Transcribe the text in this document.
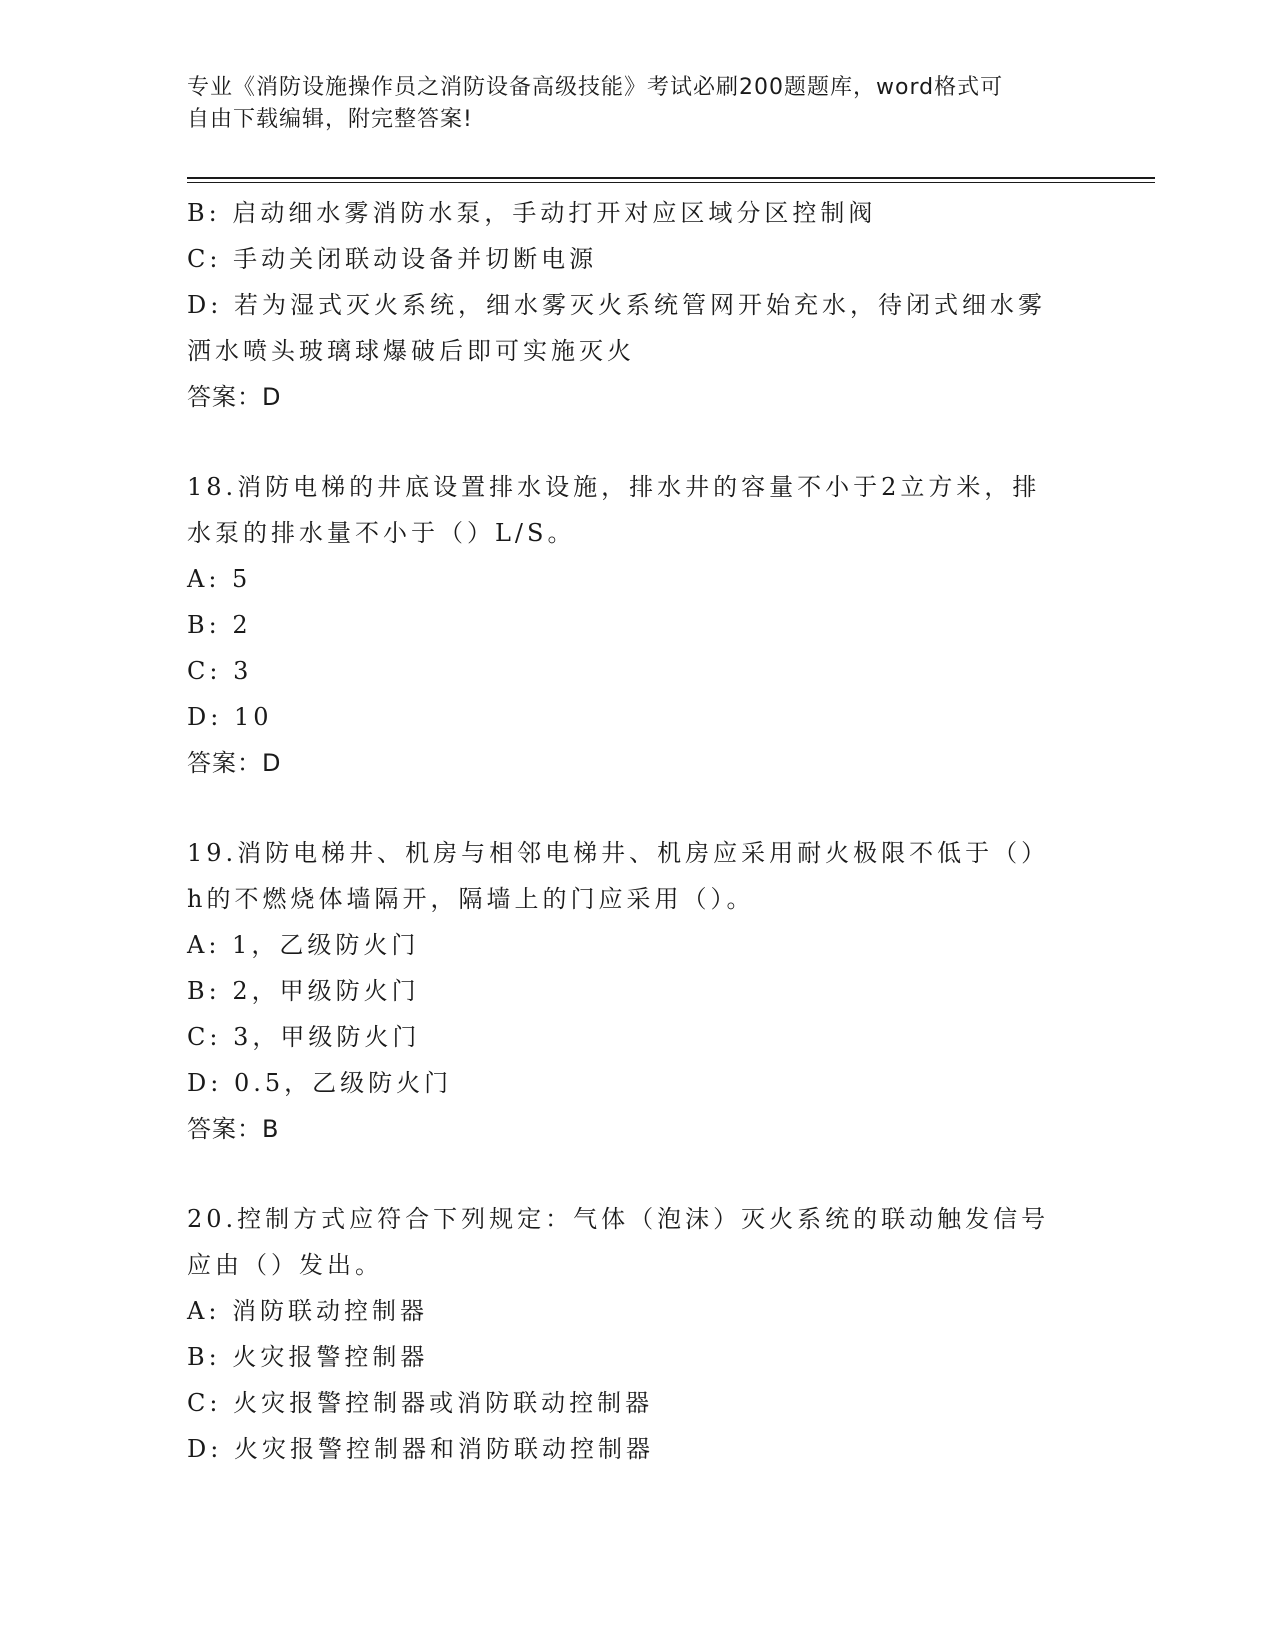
专业《消防设施操作员之消防设备高级技能》考试必刷200题题库，word格式可
自由下载编辑，附完整答案!
B: 启动细水雾消防水泵，手动打开对应区域分区控制阀
C: 手动关闭联动设备并切断电源
D: 若为湿式灭火系统，细水雾灭火系统管网开始充水，待闭式细水雾
洒水喷头玻璃球爆破后即可实施灭火
答案：D
18.消防电梯的井底设置排水设施，排水井的容量不小于2立方米，排
水泵的排水量不小于（）L/S。
A: 5
B: 2
C: 3
D: 10
答案：D
19.消防电梯井、机房与相邻电梯井、机房应采用耐火极限不低于（）
h的不燃烧体墙隔开，隔墙上的门应采用（）。
A: 1，乙级防火门
B: 2，甲级防火门
C: 3，甲级防火门
D: 0.5，乙级防火门
答案：B
20.控制方式应符合下列规定：气体（泡沫）灭火系统的联动触发信号
应由（）发出。
A: 消防联动控制器
B: 火灾报警控制器
C: 火灾报警控制器或消防联动控制器
D: 火灾报警控制器和消防联动控制器
